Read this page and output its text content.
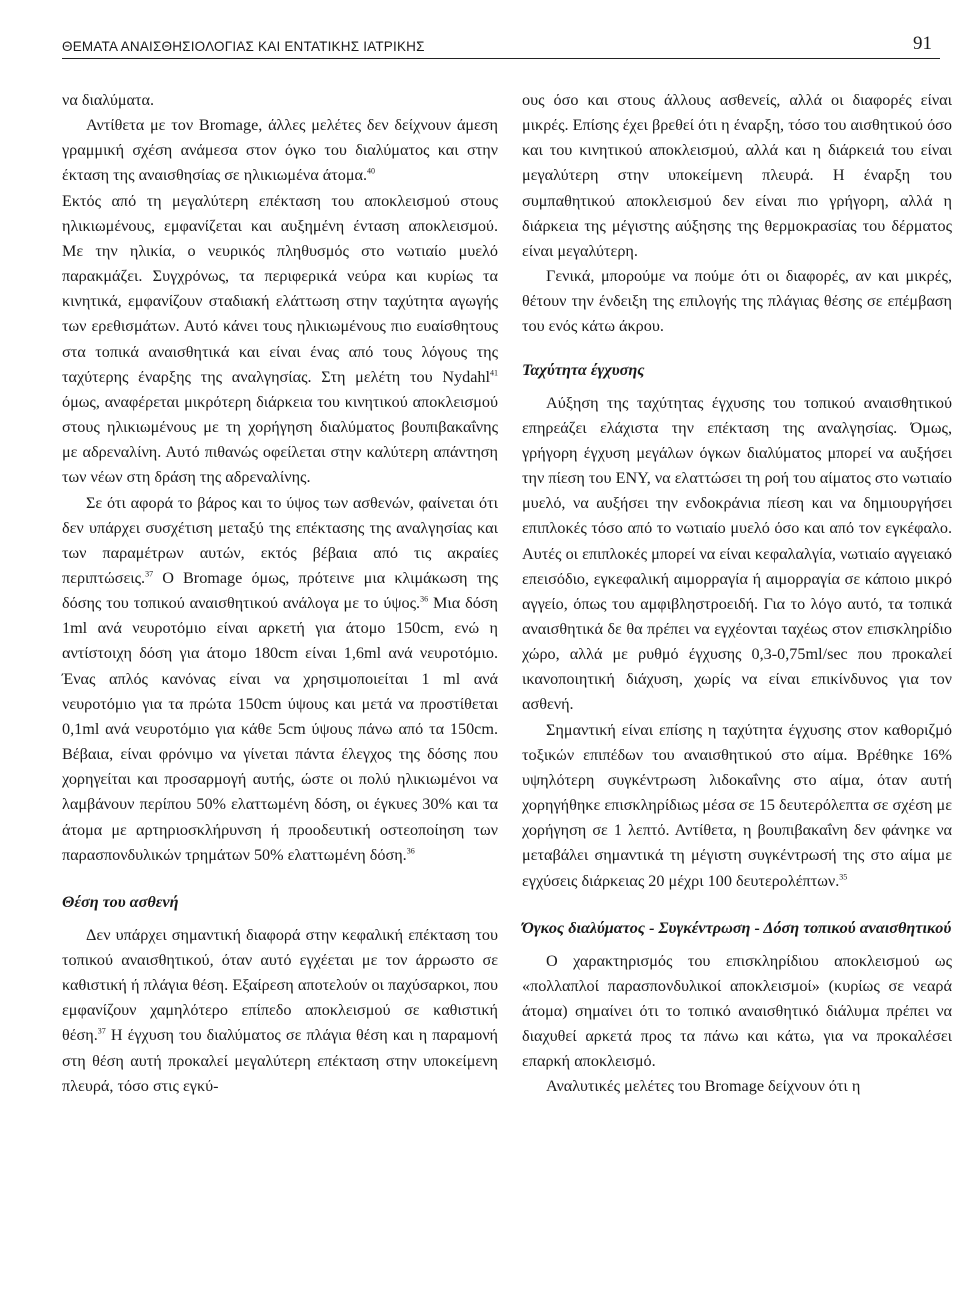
ΘΕΜΑΤΑ ΑΝΑΙΣΘΗΣΙΟΛΟΓΙΑΣ ΚΑΙ ΕΝΤΑΤΙΚΗΣ ΙΑΤΡΙΚΗΣ	91

να διαλύματα.

Αντίθετα με τον Bromage, άλλες μελέτες δεν δείχνουν άμεση γραμμική σχέση ανάμεσα στον όγκο του διαλύματος και στην έκταση της αναισθησίας σε ηλικιωμένα άτομα.$^{40}$
Εκτός από τη μεγαλύτερη επέκταση του αποκλεισμού στους ηλικιωμένους, εμφανίζεται και αυξημένη ένταση αποκλεισμού. Με την ηλικία, ο νευρικός πληθυσμός στο νωτιαίο μυελό παρακμάζει. Συγχρόνως, τα περιφερικά νεύρα και κυρίως τα κινητικά, εμφανίζουν σταδιακή ελάττωση στην ταχύτητα αγωγής των ερεθισμάτων. Αυτό κάνει τους ηλικιωμένους πιο ευαίσθητους στα τοπικά αναισθητικά και είναι ένας από τους λόγους της ταχύτερης έναρξης της αναλγησίας. Στη μελέτη του Nydahl$^{41}$ όμως, αναφέρεται μικρότερη διάρκεια του κινητικού αποκλεισμού στους ηλικιωμένους με τη χορήγηση διαλύματος βουπιβακαΐνης με αδρεναλίνη. Αυτό πιθανώς οφείλεται στην καλύτερη απάντηση των νέων στη δράση της αδρεναλίνης.

Σε ότι αφορά το βάρος και το ύψος των ασθενών, φαίνεται ότι δεν υπάρχει συσχέτιση μεταξύ της επέκτασης της αναλγησίας και των παραμέτρων αυτών, εκτός βέβαια από τις ακραίες περιπτώσεις.$^{37}$ Ο Bromage όμως, πρότεινε μια κλιμάκωση της δόσης του τοπικού αναισθητικού ανάλογα με το ύψος.$^{36}$ Μια δόση 1ml ανά νευροτόμιο είναι αρκετή για άτομο 150cm, ενώ η αντίστοιχη δόση για άτομο 180cm είναι 1,6ml ανά νευροτόμιο. Ένας απλός κανόνας είναι να χρησιμοποιείται 1 ml ανά νευροτόμιο για τα πρώτα 150cm ύψους και μετά να προστίθεται 0,1ml ανά νευροτόμιο για κάθε 5cm ύψους πάνω από τα 150cm. Βέβαια, είναι φρόνιμο να γίνεται πάντα έλεγχος της δόσης που χορηγείται και προσαρμογή αυτής, ώστε οι πολύ ηλικιωμένοι να λαμβάνουν περίπου 50% ελαττωμένη δόση, οι έγκυες 30% και τα άτομα με αρτηριοσκλήρυνση ή προοδευτική οστεοποίηση των παρασπονδυλικών τρημάτων 50% ελαττωμένη δόση.$^{36}$

Θέση του ασθενή

Δεν υπάρχει σημαντική διαφορά στην κεφαλική επέκταση του τοπικού αναισθητικού, όταν αυτό εγχέεται με τον άρρωστο σε καθιστική ή πλάγια θέση. Εξαίρεση αποτελούν οι παχύσαρκοι, που εμφανίζουν χαμηλότερο επίπεδο αποκλεισμού σε καθιστική θέση.$^{37}$ Η έγχυση του διαλύματος σε πλάγια θέση και η παραμονή στη θέση αυτή προκαλεί μεγαλύτερη επέκταση στην υποκείμενη πλευρά, τόσο στις εγκύ-

ους όσο και στους άλλους ασθενείς, αλλά οι διαφορές είναι μικρές. Επίσης έχει βρεθεί ότι η έναρξη, τόσο του αισθητικού όσο και του κινητικού αποκλεισμού, αλλά και η διάρκειά του είναι μεγαλύτερη στην υποκείμενη πλευρά. Η έναρξη του συμπαθητικού αποκλεισμού δεν είναι πιο γρήγορη, αλλά η διάρκεια της μέγιστης αύξησης της θερμοκρασίας του δέρματος είναι μεγαλύτερη.

Γενικά, μπορούμε να πούμε ότι οι διαφορές, αν και μικρές, θέτουν την ένδειξη της επιλογής της πλάγιας θέσης σε επέμβαση του ενός κάτω άκρου.

Ταχύτητα έγχυσης

Αύξηση της ταχύτητας έγχυσης του τοπικού αναισθητικού επηρεάζει ελάχιστα την επέκταση της αναλγησίας. Όμως, γρήγορη έγχυση μεγάλων όγκων διαλύματος μπορεί να αυξήσει την πίεση του ΕΝΥ, να ελαττώσει τη ροή του αίματος στο νωτιαίο μυελό, να αυξήσει την ενδοκράνια πίεση και να δημιουργήσει επιπλοκές τόσο από το νωτιαίο μυελό όσο και από τον εγκέφαλο. Αυτές οι επιπλοκές μπορεί να είναι κεφαλαλγία, νωτιαίο αγγειακό επεισόδιο, εγκεφαλική αιμορραγία ή αιμορραγία σε κάποιο μικρό αγγείο, όπως του αμφιβληστροειδή. Για το λόγο αυτό, τα τοπικά αναισθητικά δε θα πρέπει να εγχέονται ταχέως στον επισκληρίδιο χώρο, αλλά με ρυθμό έγχυσης 0,3-0,75ml/sec που προκαλεί ικανοποιητική διάχυση, χωρίς να είναι επικίνδυνος για τον ασθενή.

Σημαντική είναι επίσης η ταχύτητα έγχυσης στον καθοριζμό τοξικών επιπέδων του αναισθητικού στο αίμα. Βρέθηκε 16% υψηλότερη συγκέντρωση λιδοκαΐνης στο αίμα, όταν αυτή χορηγήθηκε επισκληρίδιως μέσα σε 15 δευτερόλεπτα σε σχέση με χορήγηση σε 1 λεπτό. Αντίθετα, η βουπιβακαΐνη δεν φάνηκε να μεταβάλει σημαντικά τη μέγιστη συγκέντρωσή της στο αίμα με εγχύσεις διάρκειας 20 μέχρι 100 δευτερολέπτων.$^{35}$

Όγκος διαλύματος - Συγκέντρωση - Δόση τοπικού αναισθητικού

Ο χαρακτηρισμός του επισκληρίδιου αποκλεισμού ως «πολλαπλοί παρασπονδυλικοί αποκλεισμοί» (κυρίως σε νεαρά άτομα) σημαίνει ότι το τοπικό αναισθητικό διάλυμα πρέπει να διαχυθεί αρκετά προς τα πάνω και κάτω, για να προκαλέσει επαρκή αποκλεισμό.

Αναλυτικές μελέτες του Bromage δείχνουν ότι η
